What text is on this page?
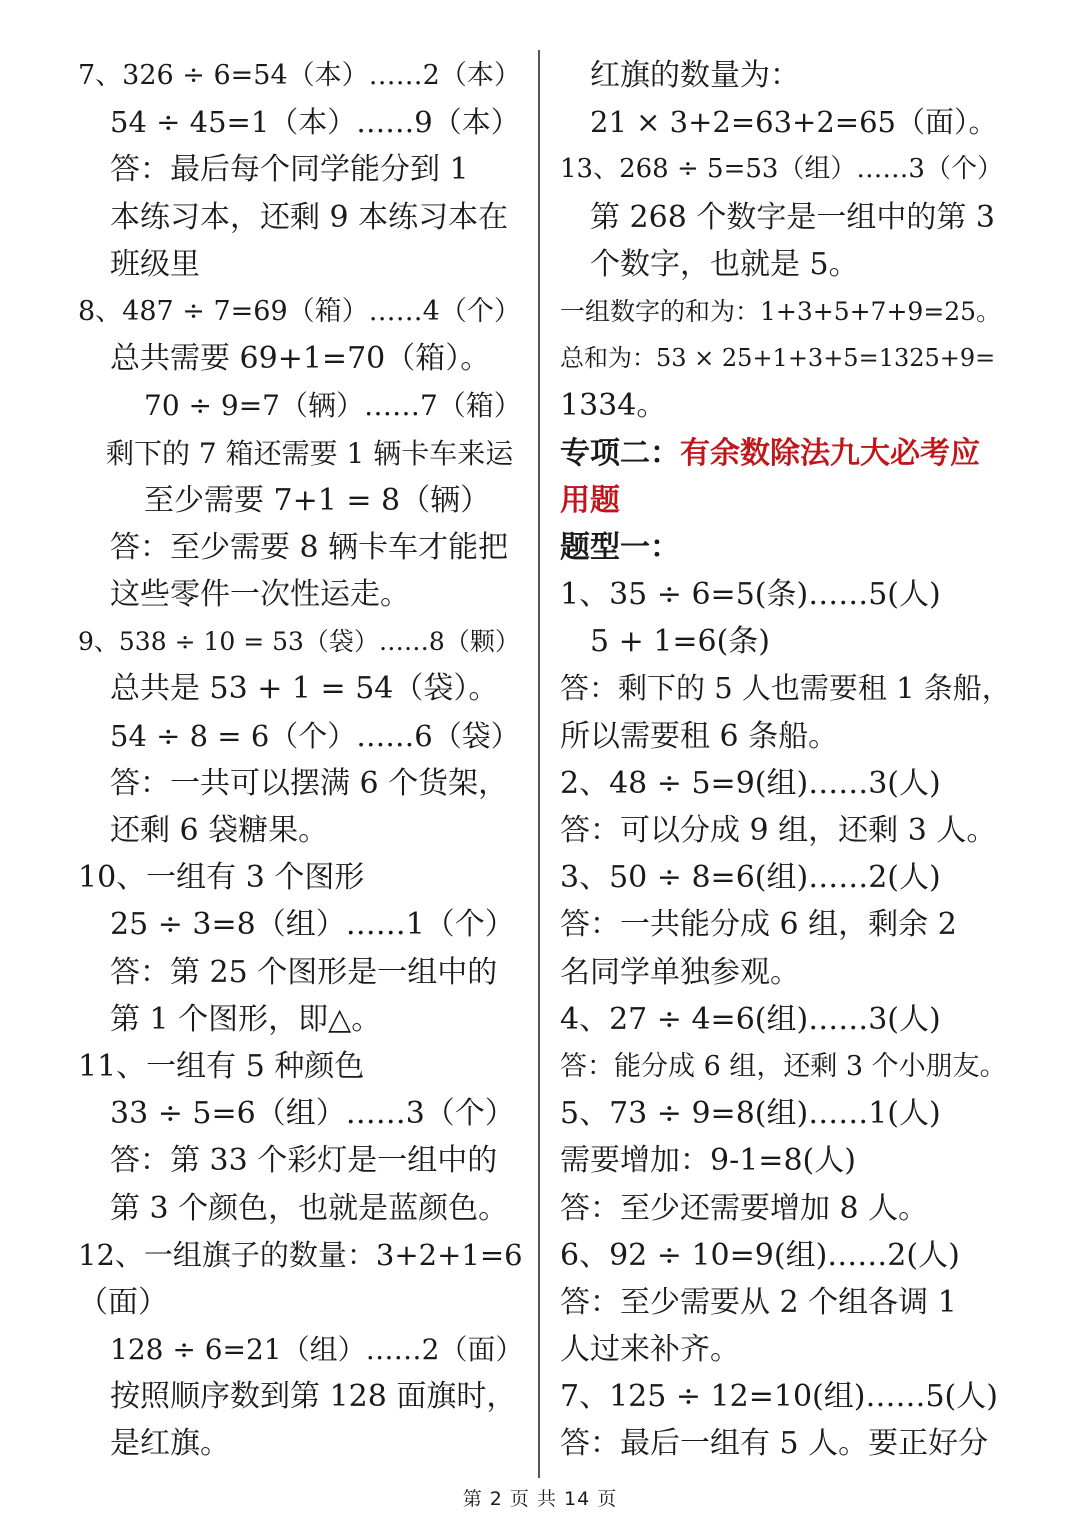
7、326 ÷ 6=54（本）……2（本）
54 ÷ 45=1（本）……9（本）
答：最后每个同学能分到 1
本练习本，还剩 9 本练习本在
班级里
8、487 ÷ 7=69（箱）……4（个）
总共需要 69+1=70（箱）。
70 ÷ 9=7（辆）……7（箱）
剩下的 7 箱还需要 1 辆卡车来运
至少需要 7+1 = 8（辆）
答：至少需要 8 辆卡车才能把
这些零件一次性运走。
9、538 ÷ 10 = 53（袋）……8（颗）
总共是 53 + 1 = 54（袋）。
54 ÷ 8 = 6（个）……6（袋）
答：一共可以摆满 6 个货架，
还剩 6 袋糖果。
10、一组有 3 个图形
25 ÷ 3=8（组）……1（个）
答：第 25 个图形是一组中的
第 1 个图形，即△。
11、一组有 5 种颜色
33 ÷ 5=6（组）……3（个）
答：第 33 个彩灯是一组中的
第 3 个颜色，也就是蓝颜色。
12、一组旗子的数量：3+2+1=6
（面）
128 ÷ 6=21（组）……2（面）
按照顺序数到第 128 面旗时，
是红旗。
红旗的数量为：
21 × 3+2=63+2=65（面）。
13、268 ÷ 5=53（组）……3（个）
第 268 个数字是一组中的第 3
个数字，也就是 5。
一组数字的和为：1+3+5+7+9=25。
总和为：53 × 25+1+3+5=1325+9=
1334。
专项二：有余数除法九大必考应
用题
题型一：
1、35 ÷ 6=5(条)……5(人)
5 + 1=6(条)
答：剩下的 5 人也需要租 1 条船，
所以需要租 6 条船。
2、48 ÷ 5=9(组)……3(人)
答：可以分成 9 组，还剩 3 人。
3、50 ÷ 8=6(组)……2(人)
答：一共能分成 6 组，剩余 2
名同学单独参观。
4、27 ÷ 4=6(组)……3(人)
答：能分成 6 组，还剩 3 个小朋友。
5、73 ÷ 9=8(组)……1(人)
需要增加：9-1=8(人)
答：至少还需要增加 8 人。
6、92 ÷ 10=9(组)……2(人)
答：至少需要从 2 个组各调 1
人过来补齐。
7、125 ÷ 12=10(组)……5(人)
答：最后一组有 5 人。要正好分
第 2 页 共 14 页
